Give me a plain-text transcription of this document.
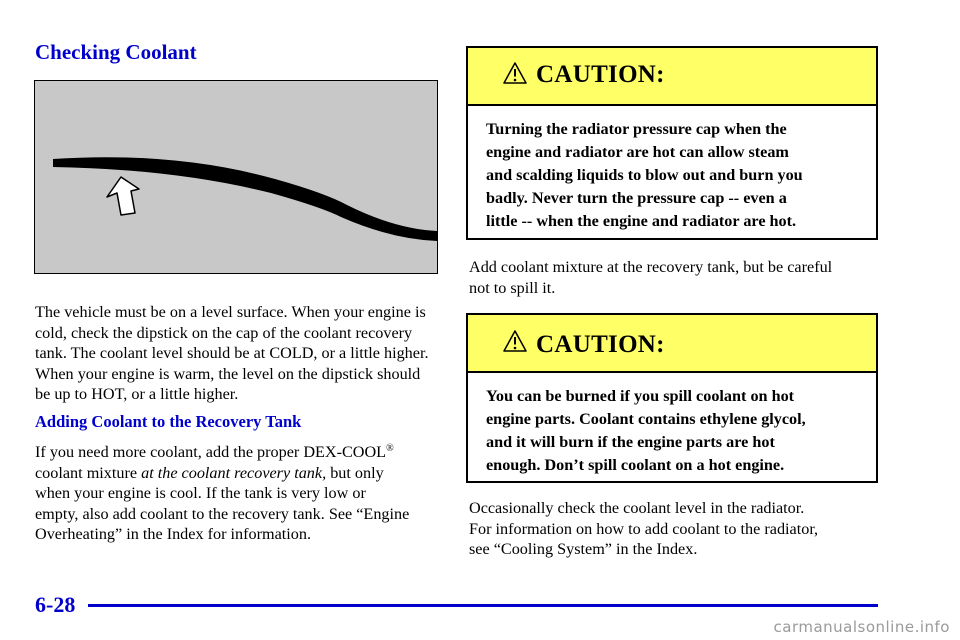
Checking Coolant

The vehicle must be on a level surface. When your engine is

cold, check the dipstick on the cap of the coolant recovery

tank. The coolant level should be at COLD, or a little higher.

When your engine is warm, the level on the dipstick should

be up to HOT, or a little higher.

Adding Coolant to the Recovery Tank

If you need more coolant, add the proper DEX-COOL®

coolant mixture at the coolant recovery tank, but only

when your engine is cool. If the tank is very low or

empty, also add coolant to the recovery tank. See “Engine

Overheating” in the Index for information.

CAUTION:
Turning the radiator pressure cap when the
engine and radiator are hot can allow steam
and scalding liquids to blow out and burn you
badly. Never turn the pressure cap -- even a
little -- when the engine and radiator are hot.

Add coolant mixture at the recovery tank, but be careful

not to spill it.

CAUTION:
You can be burned if you spill coolant on hot
engine parts. Coolant contains ethylene glycol,
and it will burn if the engine parts are hot
enough. Don’t spill coolant on a hot engine.

Occasionally check the coolant level in the radiator.

For information on how to add coolant to the radiator,

see “Cooling System” in the Index.

6-28
carmanualsonline.info
